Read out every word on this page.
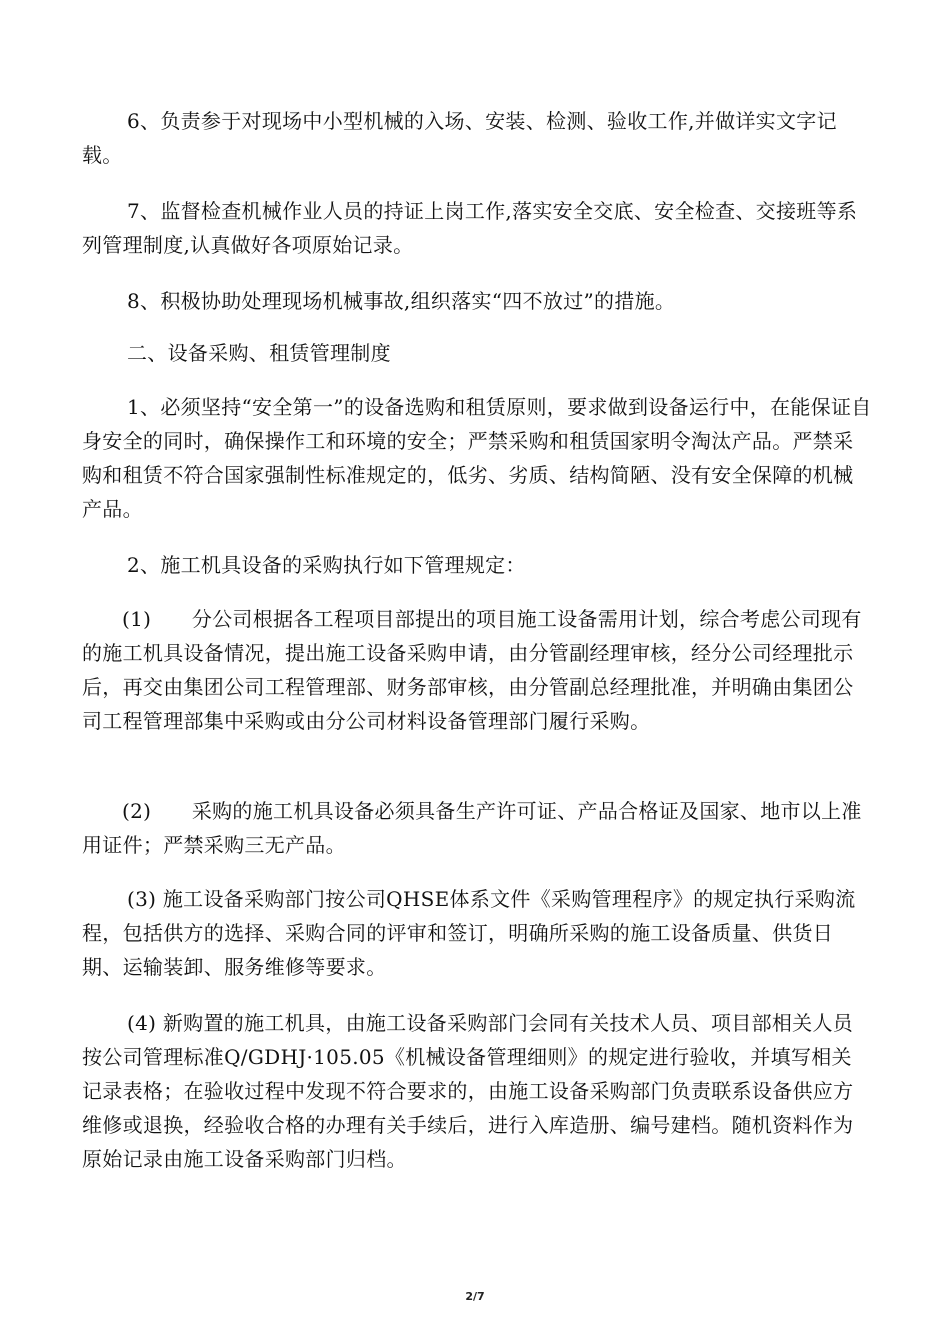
6、负责参于对现场中小型机械的入场、安装、检测、验收工作,并做详实文字记载。

7、监督检查机械作业人员的持证上岗工作,落实安全交底、安全检查、交接班等系列管理制度,认真做好各项原始记录。

8、积极协助处理现场机械事故,组织落实“四不放过”的措施。

二、设备采购、租赁管理制度

1、必须坚持“安全第一”的设备选购和租赁原则，要求做到设备运行中，在能保证自身安全的同时，确保操作工和环境的安全；严禁采购和租赁国家明令淘汰产品。严禁采购和租赁不符合国家强制性标准规定的，低劣、劣质、结构简陋、没有安全保障的机械产品。

2、施工机具设备的采购执行如下管理规定：

(1)　　分公司根据各工程项目部提出的项目施工设备需用计划，综合考虑公司现有的施工机具设备情况，提出施工设备采购申请，由分管副经理审核，经分公司经理批示后，再交由集团公司工程管理部、财务部审核，由分管副总经理批准，并明确由集团公司工程管理部集中采购或由分公司材料设备管理部门履行采购。

(2)　　采购的施工机具设备必须具备生产许可证、产品合格证及国家、地市以上准用证件；严禁采购三无产品。

(3) 施工设备采购部门按公司QHSE体系文件《采购管理程序》的规定执行采购流程，包括供方的选择、采购合同的评审和签订，明确所采购的施工设备质量、供货日期、运输装卸、服务维修等要求。

(4) 新购置的施工机具，由施工设备采购部门会同有关技术人员、项目部相关人员按公司管理标准Q/GDHJ·105.05《机械设备管理细则》的规定进行验收，并填写相关记录表格；在验收过程中发现不符合要求的，由施工设备采购部门负责联系设备供应方维修或退换，经验收合格的办理有关手续后，进行入库造册、编号建档。随机资料作为原始记录由施工设备采购部门归档。

2/7
